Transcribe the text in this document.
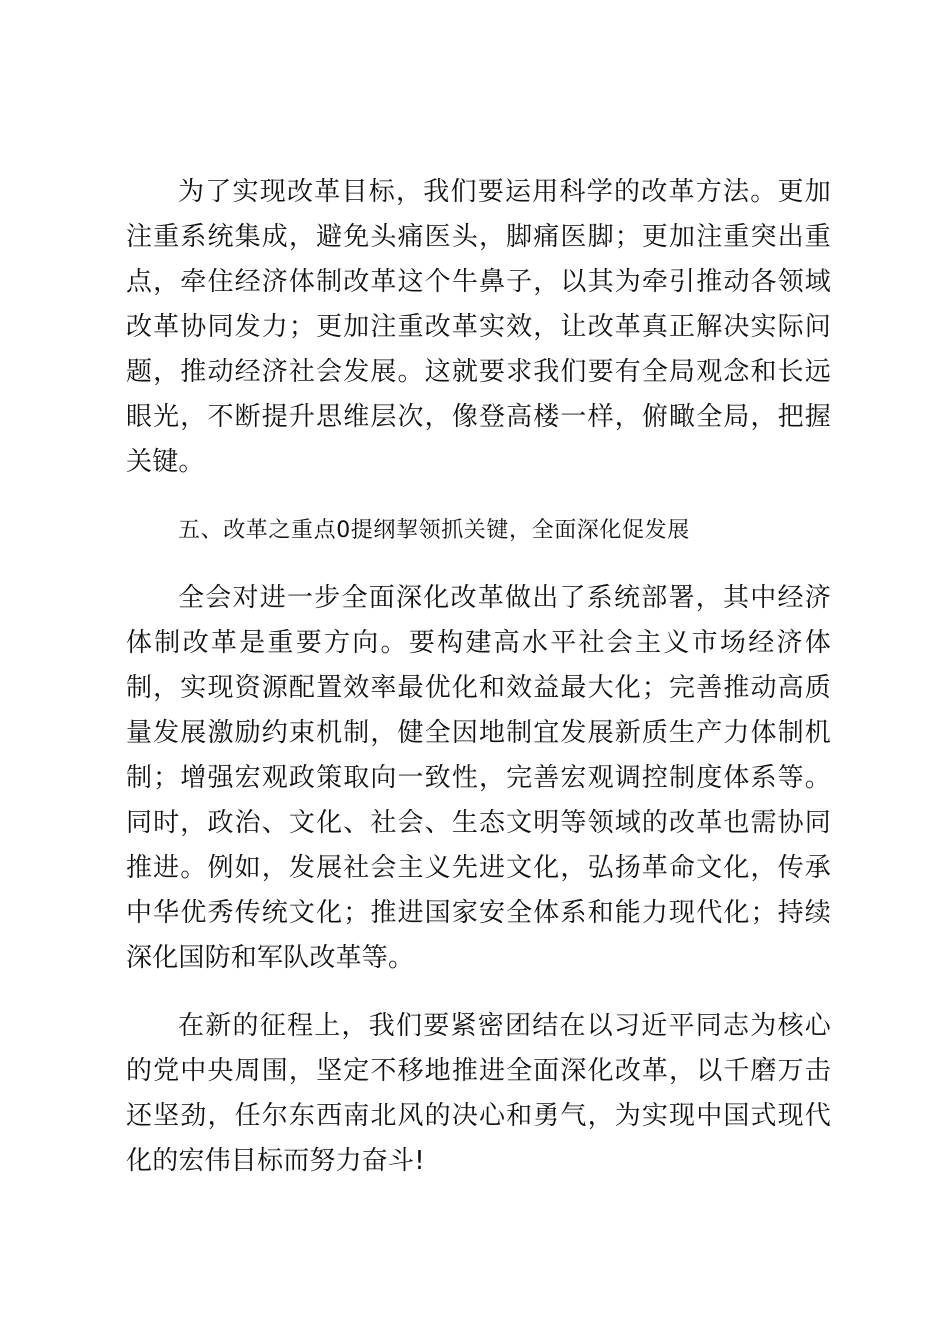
为了实现改革目标，我们要运用科学的改革方法。更加注重系统集成，避免头痛医头，脚痛医脚；更加注重突出重点，牵住经济体制改革这个牛鼻子，以其为牵引推动各领域改革协同发力；更加注重改革实效，让改革真正解决实际问题，推动经济社会发展。这就要求我们要有全局观念和长远眼光，不断提升思维层次，像登高楼一样，俯瞰全局，把握关键。

五、改革之重点0提纲挈领抓关键，全面深化促发展

全会对进一步全面深化改革做出了系统部署，其中经济体制改革是重要方向。要构建高水平社会主义市场经济体制，实现资源配置效率最优化和效益最大化；完善推动高质量发展激励约束机制，健全因地制宜发展新质生产力体制机制；增强宏观政策取向一致性，完善宏观调控制度体系等。同时，政治、文化、社会、生态文明等领域的改革也需协同推进。例如，发展社会主义先进文化，弘扬革命文化，传承中华优秀传统文化；推进国家安全体系和能力现代化；持续深化国防和军队改革等。

在新的征程上，我们要紧密团结在以习近平同志为核心的党中央周围，坚定不移地推进全面深化改革，以千磨万击还坚劲，任尔东西南北风的决心和勇气，为实现中国式现代化的宏伟目标而努力奋斗!
